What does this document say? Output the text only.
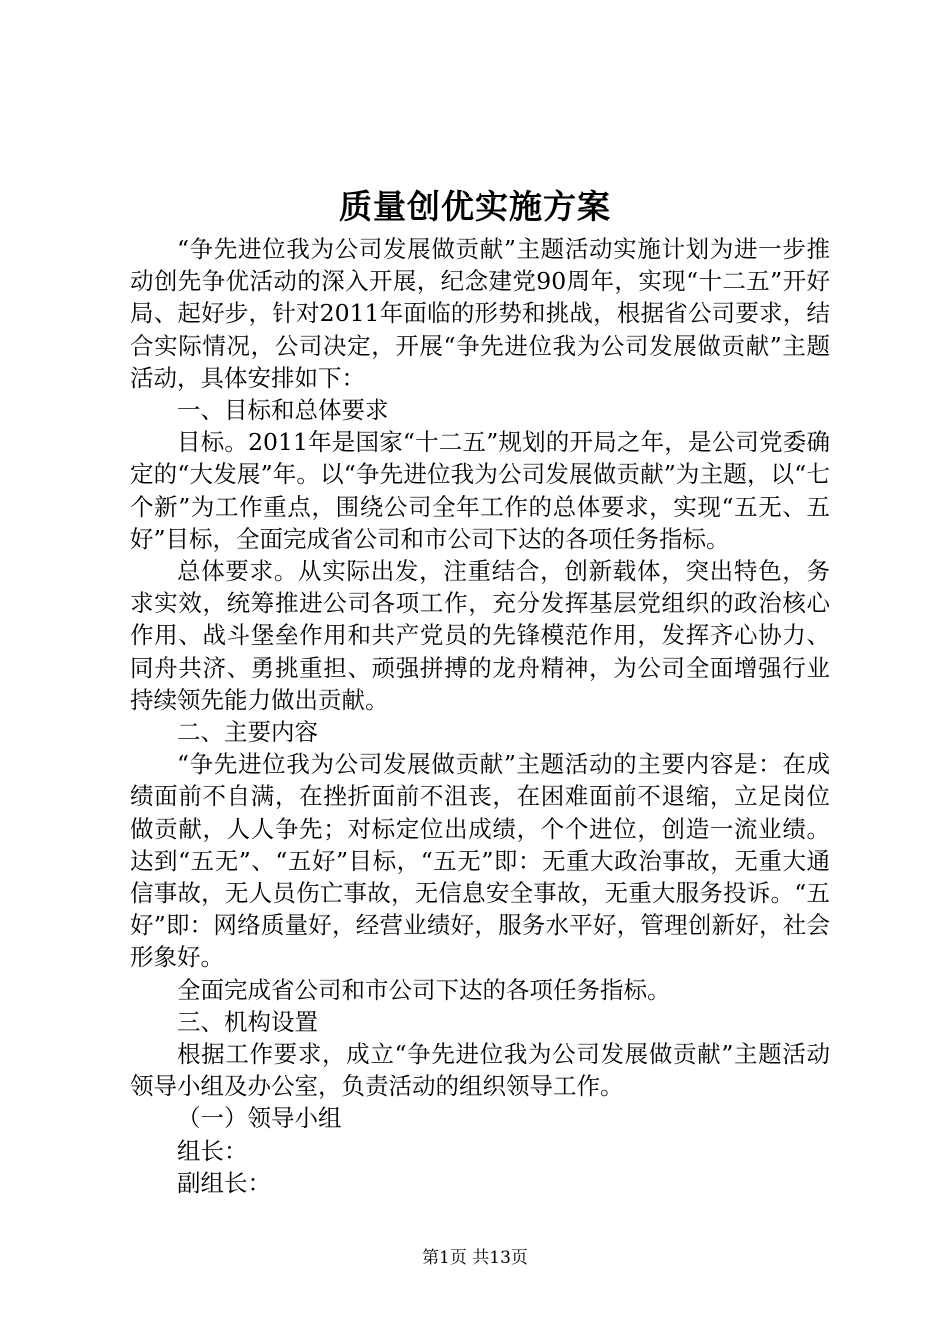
质量创优实施方案

“争先进位我为公司发展做贡献”主题活动实施计划为进一步推动创先争优活动的深入开展，纪念建党90周年，实现“十二五”开好局、起好步，针对2011年面临的形势和挑战，根据省公司要求，结合实际情况，公司决定，开展“争先进位我为公司发展做贡献”主题活动，具体安排如下：

一、目标和总体要求

目标。2011年是国家“十二五”规划的开局之年，是公司党委确定的“大发展”年。以“争先进位我为公司发展做贡献”为主题，以“七个新”为工作重点，围绕公司全年工作的总体要求，实现“五无、五好”目标，全面完成省公司和市公司下达的各项任务指标。

总体要求。从实际出发，注重结合，创新载体，突出特色，务求实效，统筹推进公司各项工作，充分发挥基层党组织的政治核心作用、战斗堡垒作用和共产党员的先锋模范作用，发挥齐心协力、同舟共济、勇挑重担、顽强拼搏的龙舟精神，为公司全面增强行业持续领先能力做出贡献。

二、主要内容

“争先进位我为公司发展做贡献”主题活动的主要内容是：在成绩面前不自满，在挫折面前不沮丧，在困难面前不退缩，立足岗位做贡献，人人争先；对标定位出成绩，个个进位，创造一流业绩。达到“五无”、“五好”目标，“五无”即：无重大政治事故，无重大通信事故，无人员伤亡事故，无信息安全事故，无重大服务投诉。“五好”即：网络质量好，经营业绩好，服务水平好，管理创新好，社会形象好。

全面完成省公司和市公司下达的各项任务指标。

三、机构设置

根据工作要求，成立“争先进位我为公司发展做贡献”主题活动领导小组及办公室，负责活动的组织领导工作。

（一）领导小组

组长：

副组长：

第1页 共13页
